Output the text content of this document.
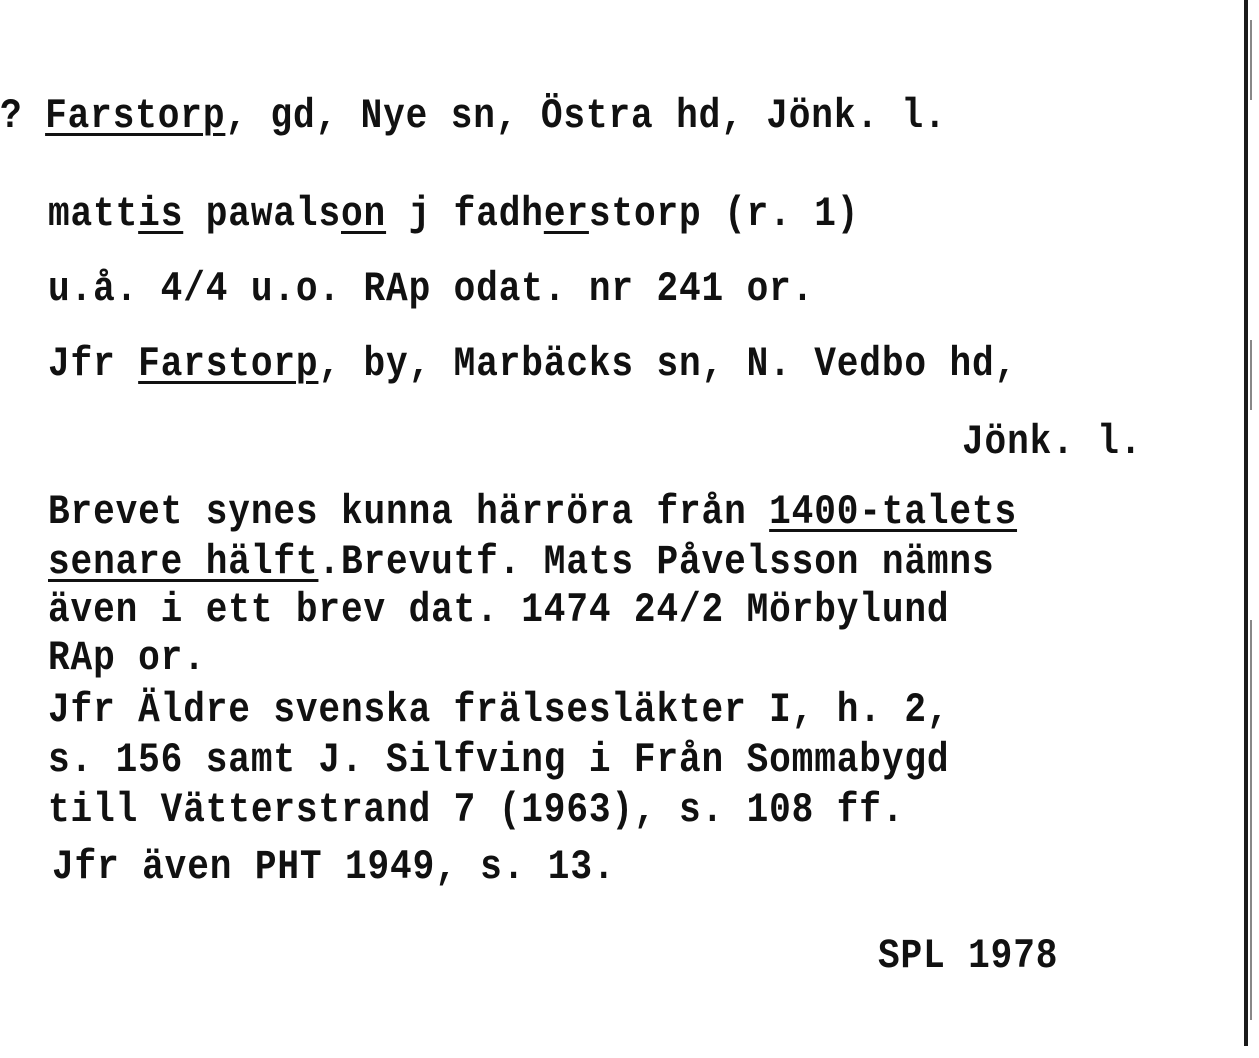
? Farstorp, gd, Nye sn, Östra hd, Jönk. l.
mattis pawalson j fadherstorp (r. 1)
u.å. 4/4 u.o. RAp odat. nr 241 or.
Jfr Farstorp, by, Marbäcks sn, N. Vedbo hd,
Jönk. l.
Brevet synes kunna härröra från 1400-talets
senare hälft.Brevutf. Mats Påvelsson nämns
även i ett brev dat. 1474 24/2 Mörbylund
RAp or.
Jfr Äldre svenska frälsesläkter I, h. 2,
s. 156 samt J. Silfving i Från Sommabygd
till Vätterstrand 7 (1963), s. 108 ff.
Jfr även PHT 1949, s. 13.
SPL 1978
